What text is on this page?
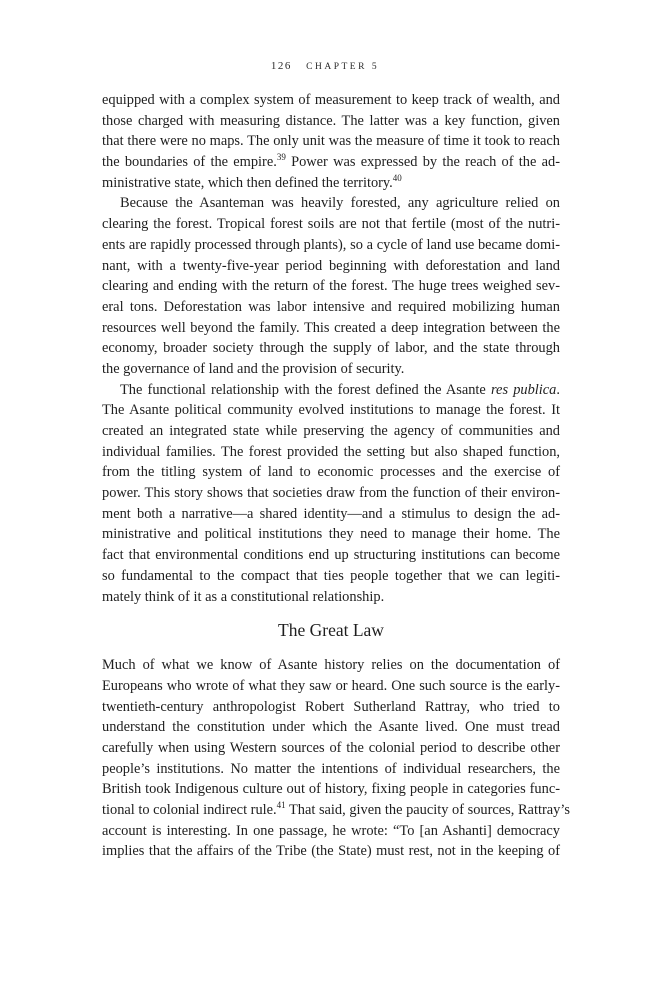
126 CHAPTER 5
equipped with a complex system of measurement to keep track of wealth, and
those charged with measuring distance. The latter was a key function, given
that there were no maps. The only unit was the measure of time it took to reach
the boundaries of the empire.$^{39}$ Power was expressed by the reach of the ad-
ministrative state, which then defined the territory.$^{40}$
Because the Asanteman was heavily forested, any agriculture relied on
clearing the forest. Tropical forest soils are not that fertile (most of the nutri-
ents are rapidly processed through plants), so a cycle of land use became domi-
nant, with a twenty-five-year period beginning with deforestation and land
clearing and ending with the return of the forest. The huge trees weighed sev-
eral tons. Deforestation was labor intensive and required mobilizing human
resources well beyond the family. This created a deep integration between the
economy, broader society through the supply of labor, and the state through
the governance of land and the provision of security.
The functional relationship with the forest defined the Asante res publica.
The Asante political community evolved institutions to manage the forest. It
created an integrated state while preserving the agency of communities and
individual families. The forest provided the setting but also shaped function,
from the titling system of land to economic processes and the exercise of
power. This story shows that societies draw from the function of their environ-
ment both a narrative—a shared identity—and a stimulus to design the ad-
ministrative and political institutions they need to manage their home. The
fact that environmental conditions end up structuring institutions can become
so fundamental to the compact that ties people together that we can legiti-
mately think of it as a constitutional relationship.
The Great Law
Much of what we know of Asante history relies on the documentation of
Europeans who wrote of what they saw or heard. One such source is the early-
twentieth-century anthropologist Robert Sutherland Rattray, who tried to
understand the constitution under which the Asante lived. One must tread
carefully when using Western sources of the colonial period to describe other
people’s institutions. No matter the intentions of individual researchers, the
British took Indigenous culture out of history, fixing people in categories func-
tional to colonial indirect rule.$^{41}$ That said, given the paucity of sources, Rattray’s
account is interesting. In one passage, he wrote: “To [an Ashanti] democracy
implies that the affairs of the Tribe (the State) must rest, not in the keeping of
